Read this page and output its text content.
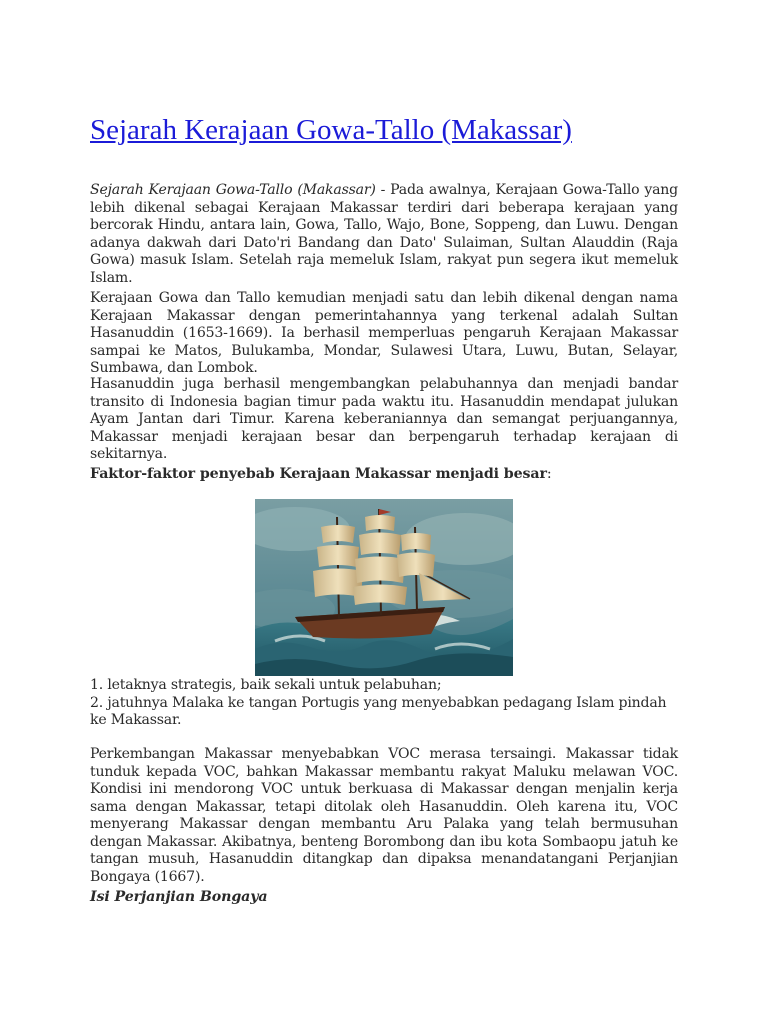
Sejarah Kerajaan Gowa-Tallo (Makassar)

Sejarah Kerajaan Gowa-Tallo (Makassar) - Pada awalnya, Kerajaan Gowa-Tallo yang lebih dikenal sebagai Kerajaan Makassar terdiri dari beberapa kerajaan yang bercorak Hindu, antara lain, Gowa, Tallo, Wajo, Bone, Soppeng, dan Luwu. Dengan adanya dakwah dari Dato'ri Bandang dan Dato' Sulaiman, Sultan Alauddin (Raja Gowa) masuk Islam. Setelah raja memeluk Islam, rakyat pun segera ikut memeluk Islam.

Kerajaan Gowa dan Tallo kemudian menjadi satu dan lebih dikenal dengan nama Kerajaan Makassar dengan pemerintahannya yang terkenal adalah Sultan Hasanuddin (1653-1669). Ia berhasil memperluas pengaruh Kerajaan Makassar sampai ke Matos, Bulukamba, Mondar, Sulawesi Utara, Luwu, Butan, Selayar, Sumbawa, dan Lombok.

Hasanuddin juga berhasil mengembangkan pelabuhannya dan menjadi bandar transito di Indonesia bagian timur pada waktu itu. Hasanuddin mendapat julukan Ayam Jantan dari Timur. Karena keberaniannya dan semangat perjuangannya, Makassar menjadi kerajaan besar dan berpengaruh terhadap kerajaan di sekitarnya.

Faktor-faktor penyebab Kerajaan Makassar menjadi besar:

1. letaknya strategis, baik sekali untuk pelabuhan;

2. jatuhnya Malaka ke tangan Portugis yang menyebabkan pedagang Islam pindah ke Makassar.

Perkembangan Makassar menyebabkan VOC merasa tersaingi. Makassar tidak tunduk kepada VOC, bahkan Makassar membantu rakyat Maluku melawan VOC. Kondisi ini mendorong VOC untuk berkuasa di Makassar dengan menjalin kerja sama dengan Makassar, tetapi ditolak oleh Hasanuddin. Oleh karena itu, VOC menyerang Makassar dengan membantu Aru Palaka yang telah bermusuhan dengan Makassar. Akibatnya, benteng Borombong dan ibu kota Sombaopu jatuh ke tangan musuh, Hasanuddin ditangkap dan dipaksa menandatangani Perjanjian Bongaya (1667).

Isi Perjanjian Bongaya
